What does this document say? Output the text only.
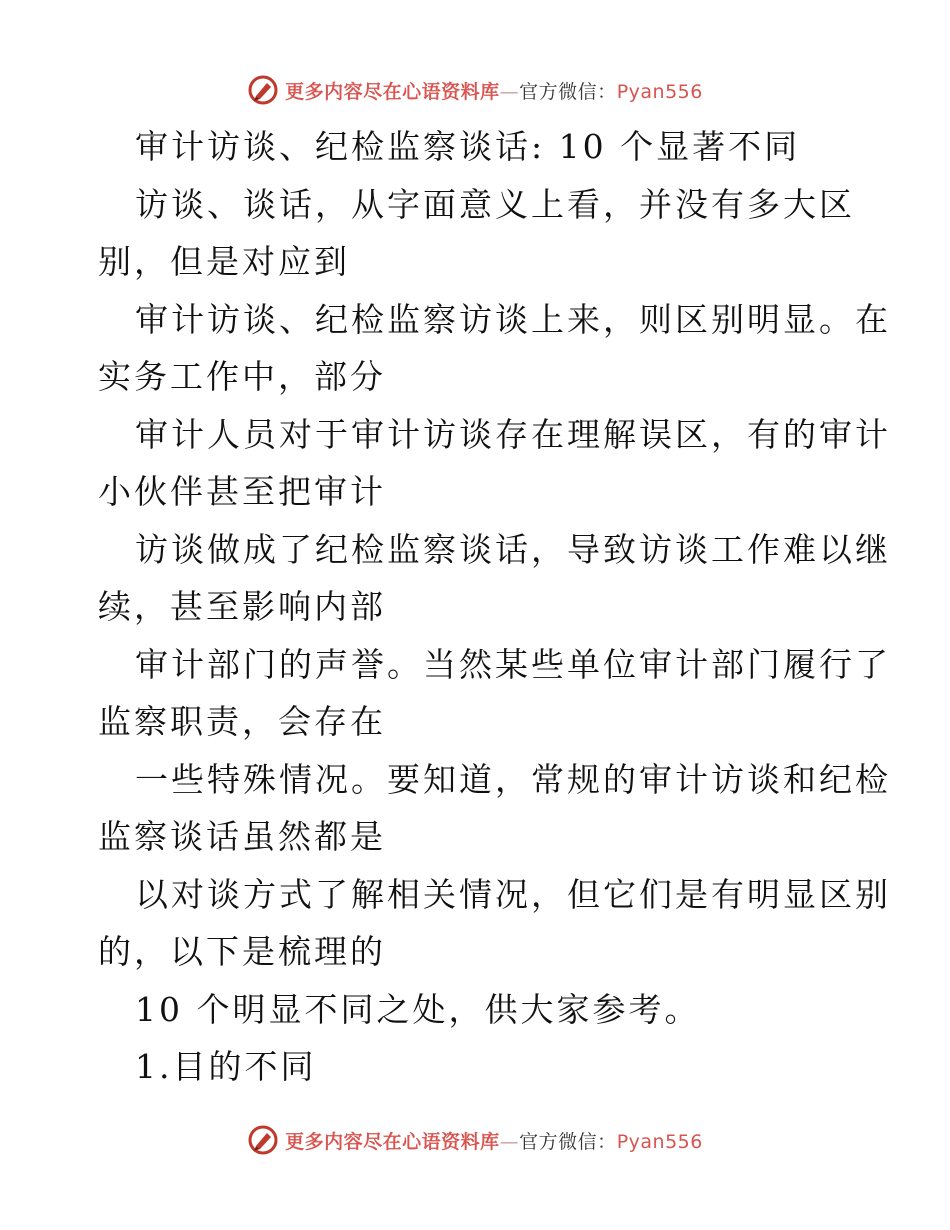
更多内容尽在心语资料库—官方微信：Pyan556
审计访谈、纪检监察谈话: 10 个显著不同
访谈、谈话，从字面意义上看，并没有多大区
别，但是对应到
审计访谈、纪检监察访谈上来，则区别明显。在
实务工作中，部分
审计人员对于审计访谈存在理解误区，有的审计
小伙伴甚至把审计
访谈做成了纪检监察谈话，导致访谈工作难以继
续，甚至影响内部
审计部门的声誉。当然某些单位审计部门履行了
监察职责，会存在
一些特殊情况。要知道，常规的审计访谈和纪检
监察谈话虽然都是
以对谈方式了解相关情况，但它们是有明显区别
的，以下是梳理的
10 个明显不同之处，供大家参考。
1.目的不同
更多内容尽在心语资料库—官方微信：Pyan556
